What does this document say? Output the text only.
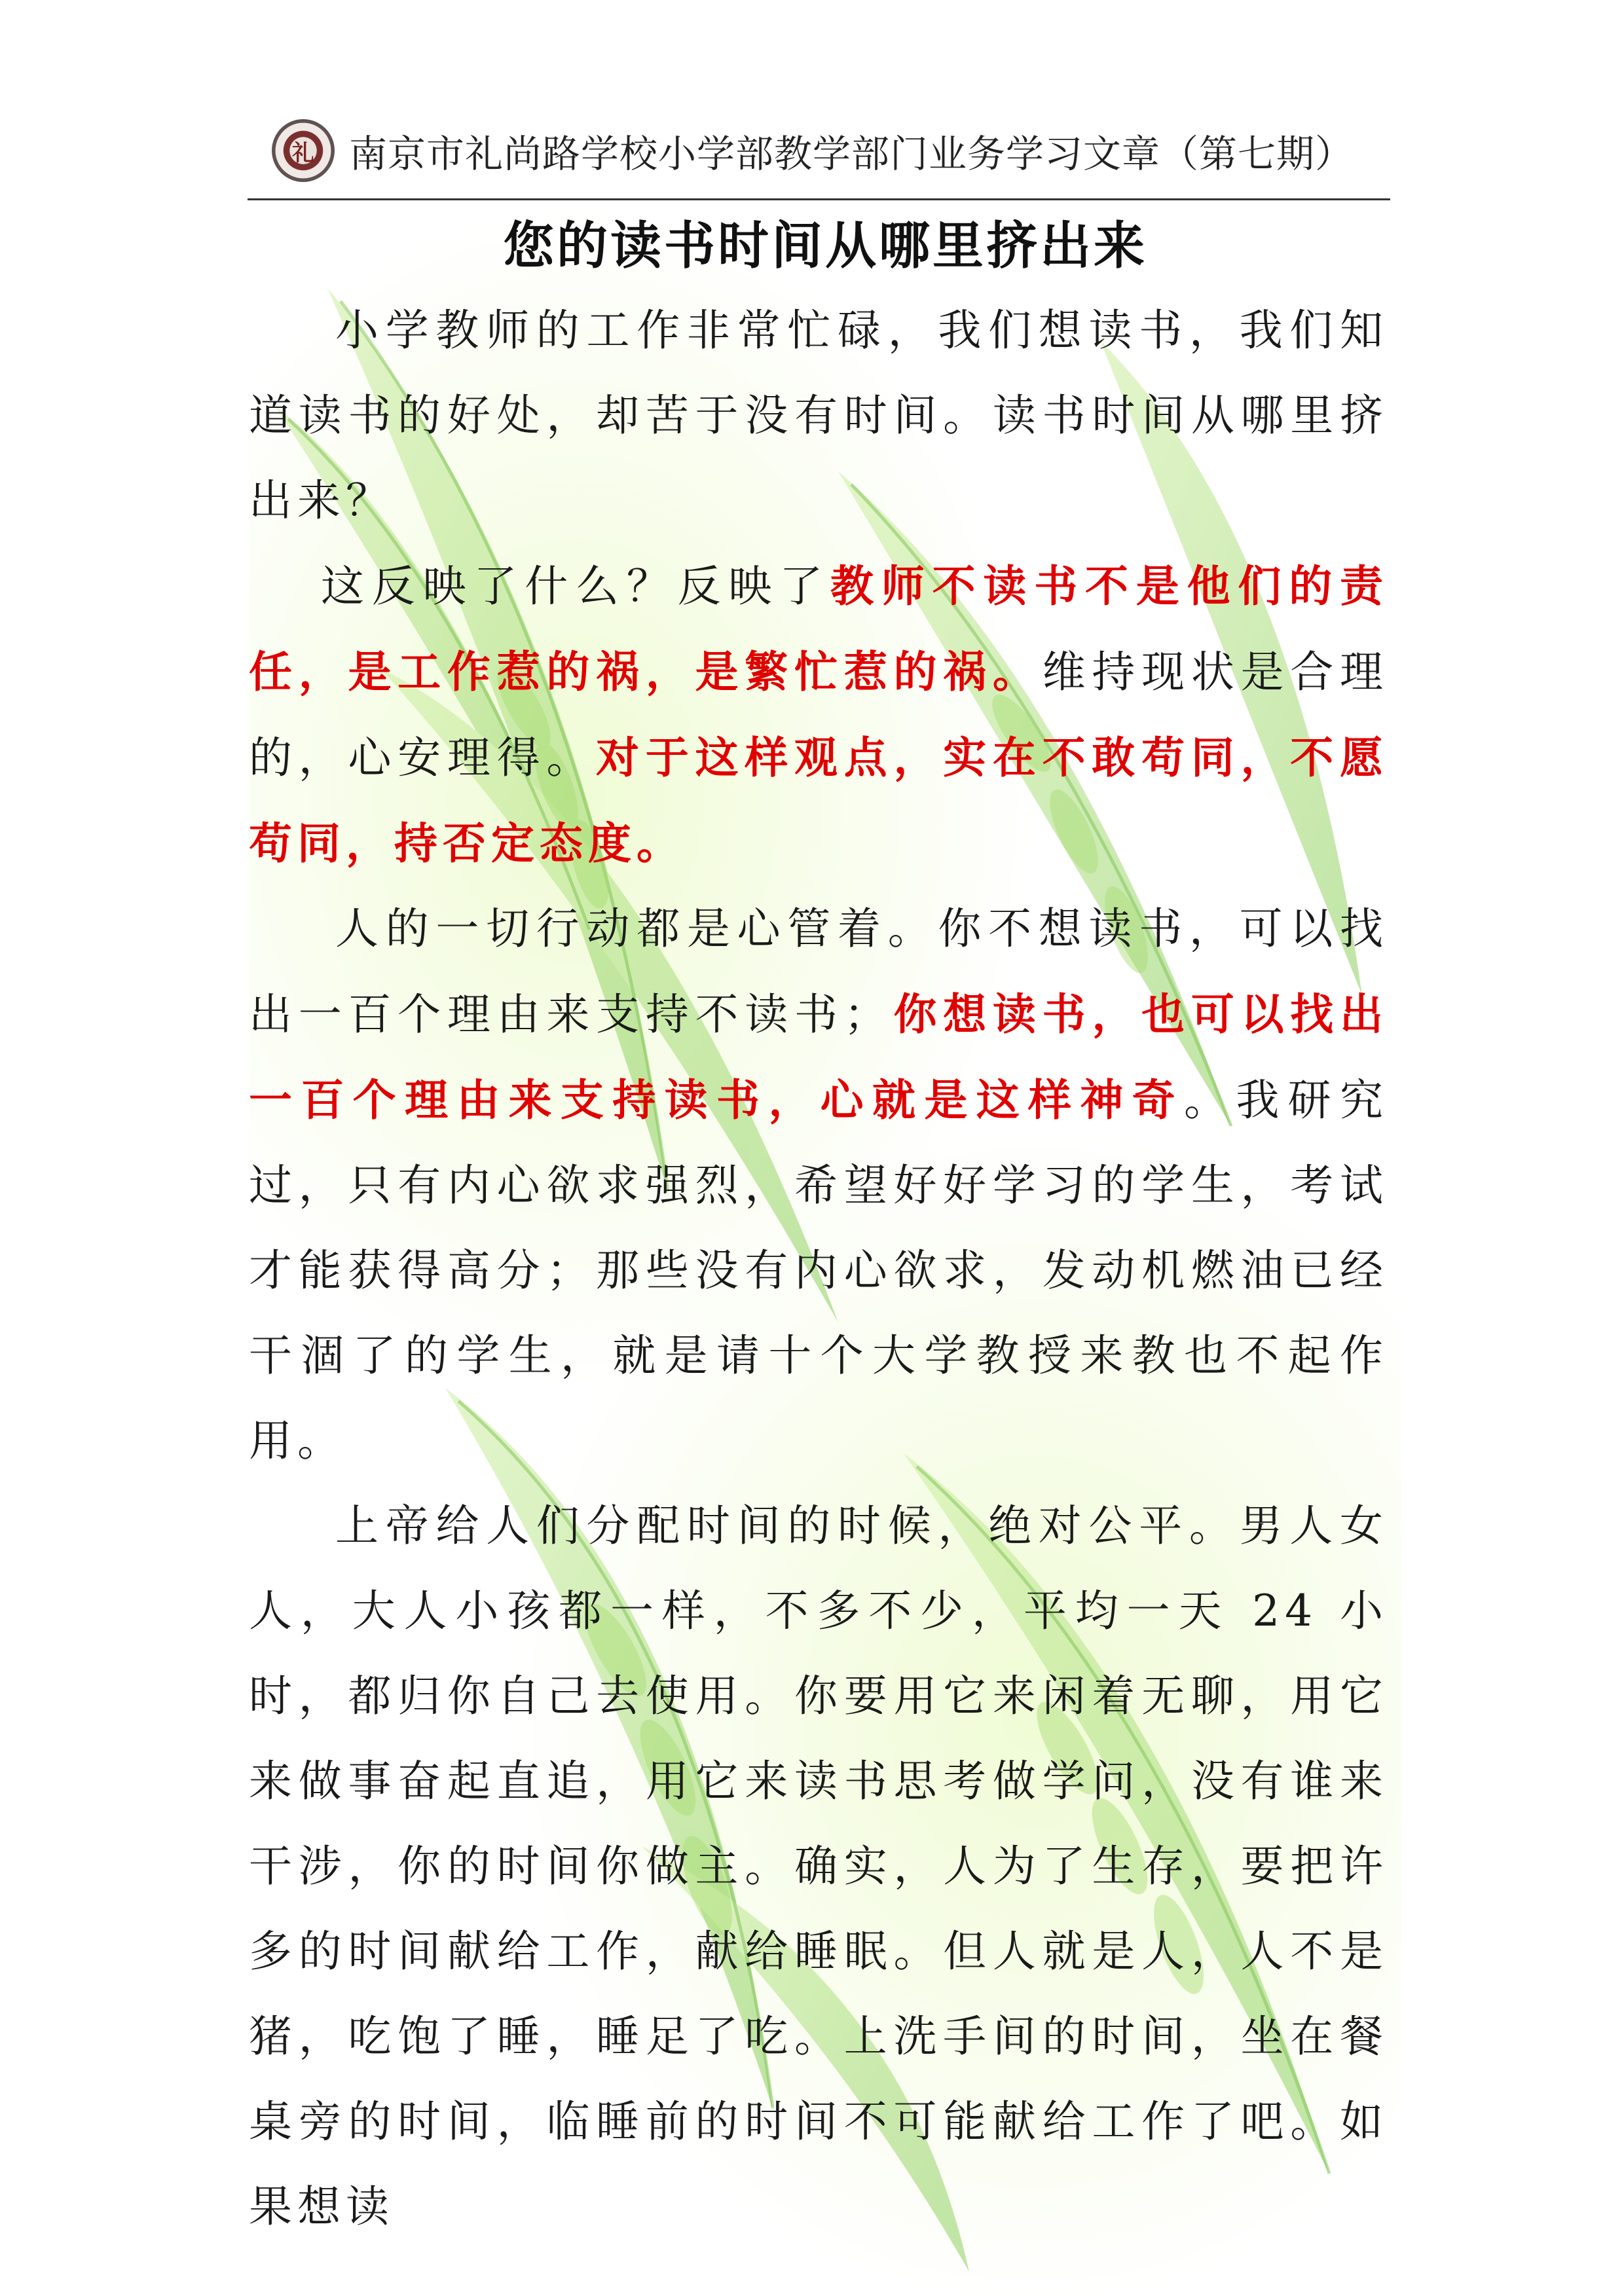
礼 南京市礼尚路学校小学部教学部门业务学习文章（第七期）
您的读书时间从哪里挤出来

小学教师的工作非常忙碌，我们想读书，我们知道读书的好处，却苦于没有时间。读书时间从哪里挤出来？

这反映了什么？反映了教师不读书不是他们的责任，是工作惹的祸，是繁忙惹的祸。维持现状是合理的，心安理得。对于这样观点，实在不敢苟同，不愿苟同，持否定态度。

人的一切行动都是心管着。你不想读书，可以找出一百个理由来支持不读书；你想读书，也可以找出一百个理由来支持读书，心就是这样神奇。我研究过，只有内心欲求强烈，希望好好学习的学生，考试才能获得高分；那些没有内心欲求，发动机燃油已经干涸了的学生，就是请十个大学教授来教也不起作用。

上帝给人们分配时间的时候，绝对公平。男人女人，大人小孩都一样，不多不少，平均一天 24 小时，都归你自己去使用。你要用它来闲着无聊，用它来做事奋起直追，用它来读书思考做学问，没有谁来干涉，你的时间你做主。确实，人为了生存，要把许多的时间献给工作，献给睡眠。但人就是人，人不是猪，吃饱了睡，睡足了吃。上洗手间的时间，坐在餐桌旁的时间，临睡前的时间不可能献给工作了吧。如果想读
